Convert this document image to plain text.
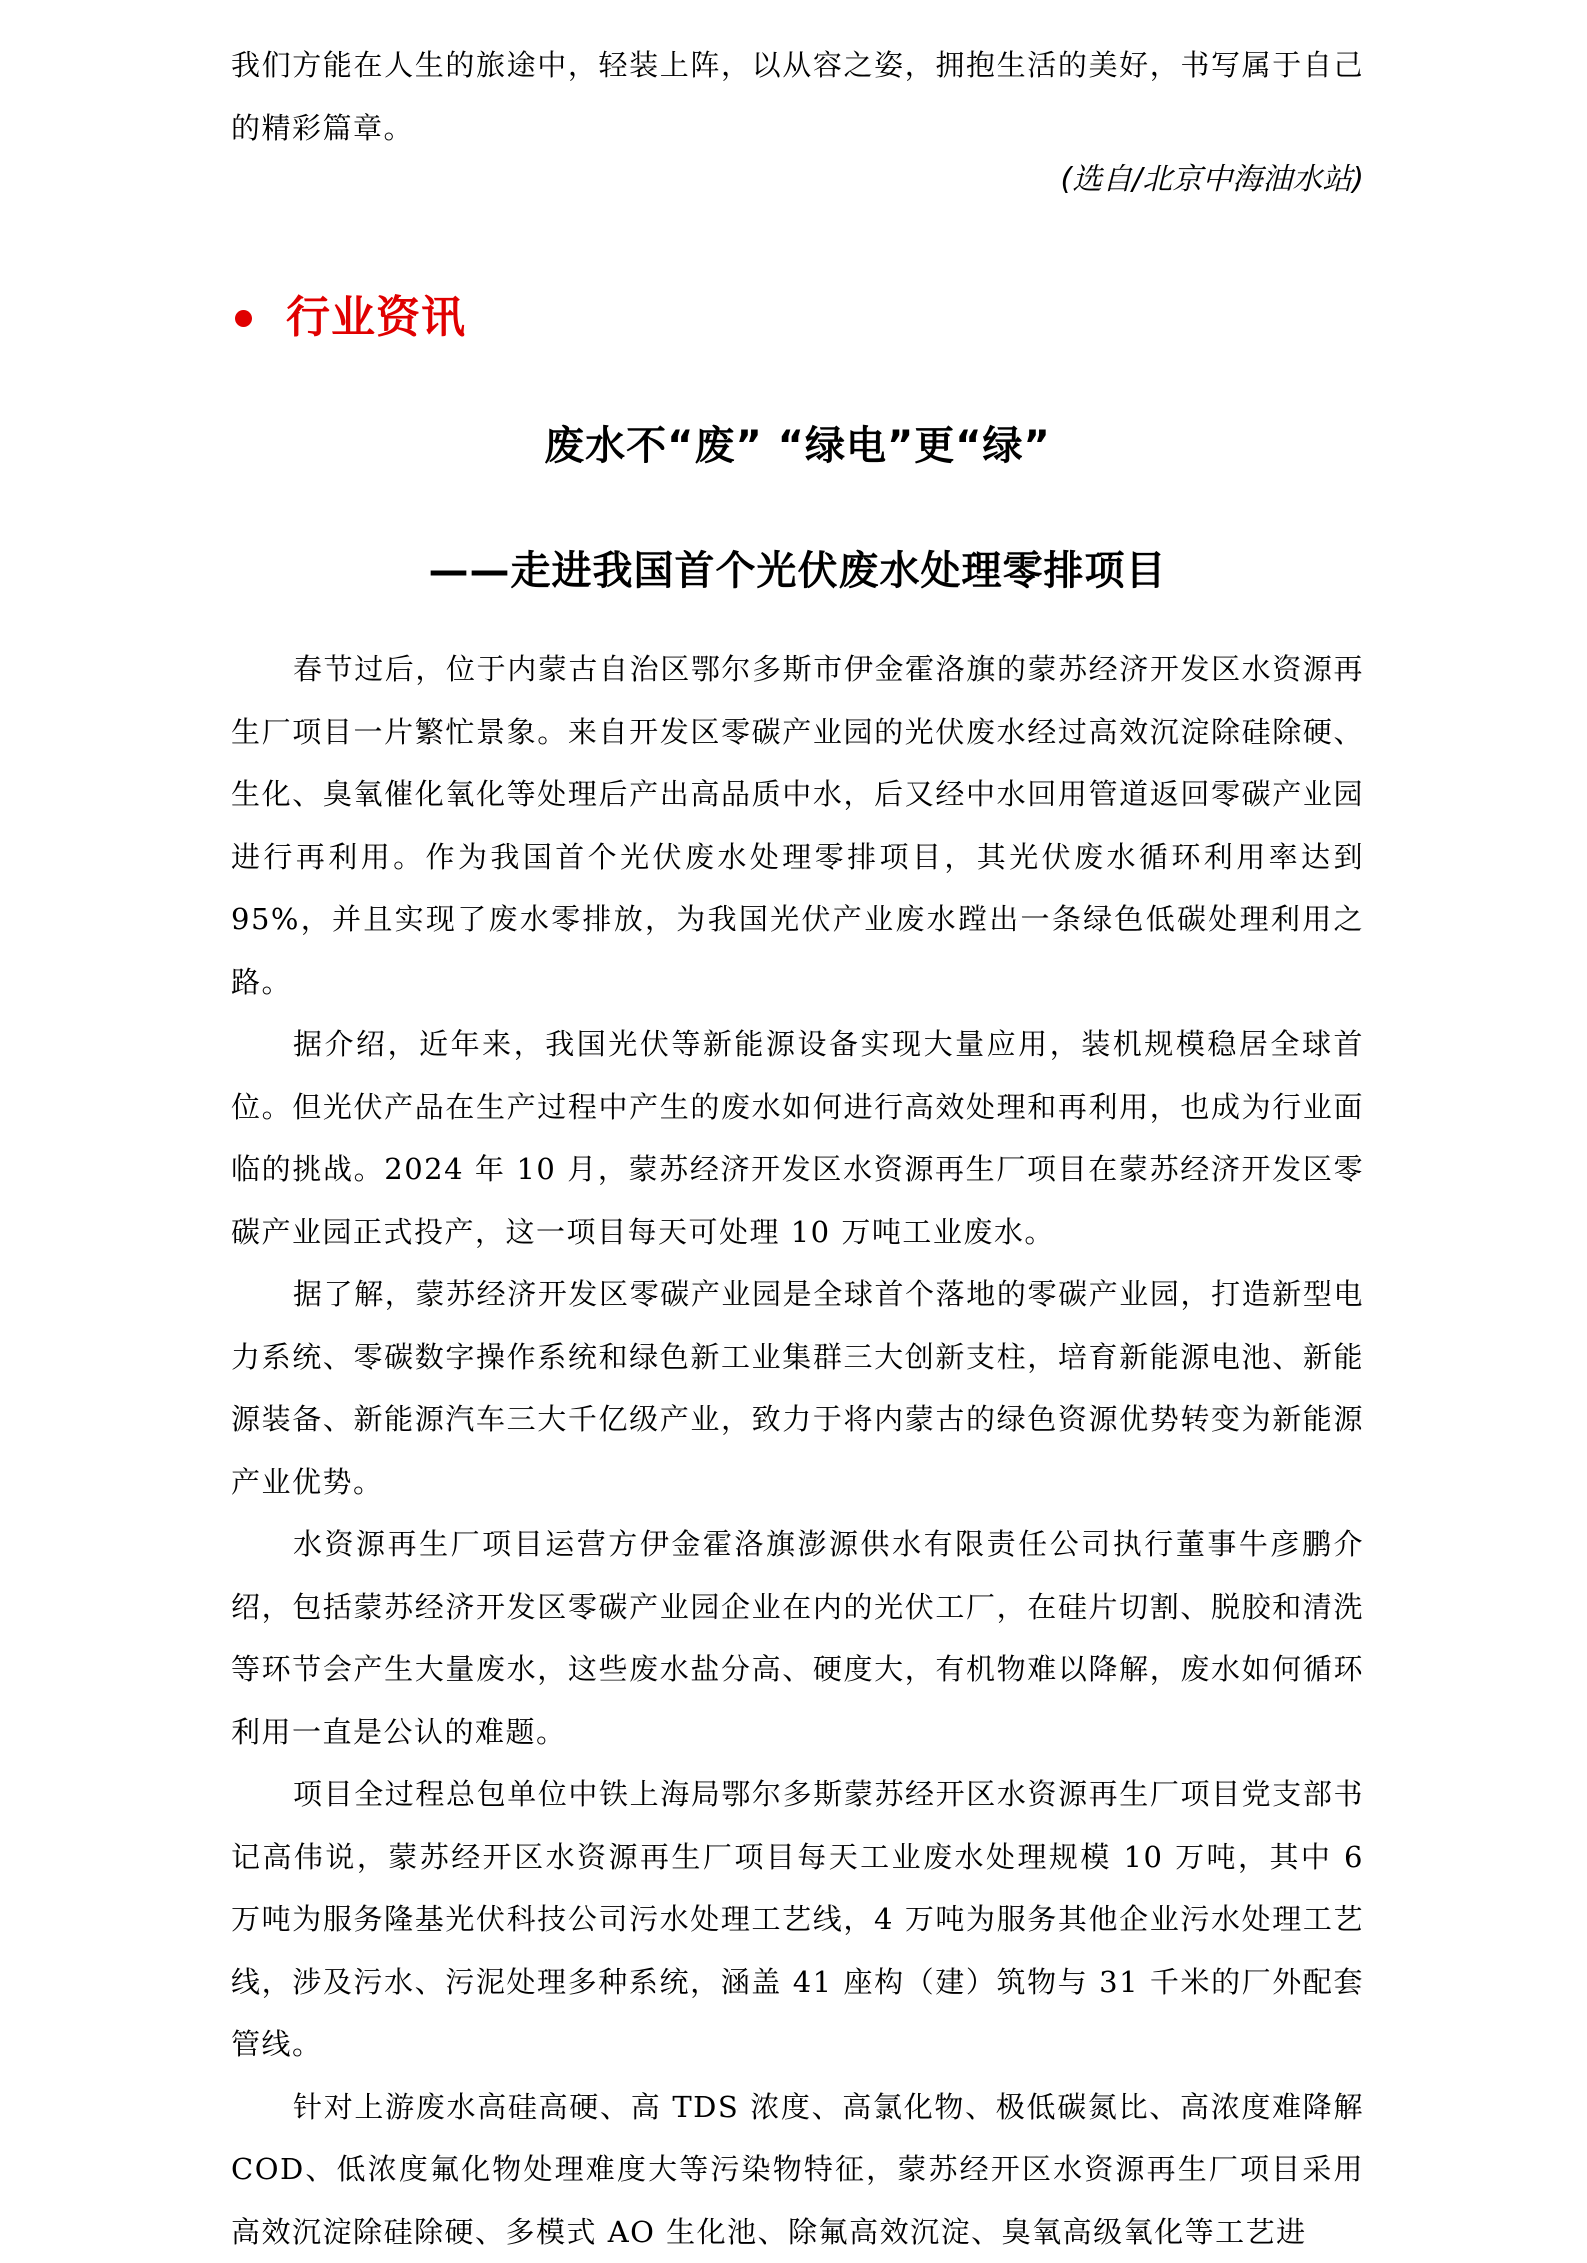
我们方能在人生的旅途中，轻装上阵，以从容之姿，拥抱生活的美好，书写属于自己的精彩篇章。

(选自/北京中海油水站)
行业资讯
废水不“废” “绿电”更“绿”
——走进我国首个光伏废水处理零排项目

春节过后，位于内蒙古自治区鄂尔多斯市伊金霍洛旗的蒙苏经济开发区水资源再生厂项目一片繁忙景象。来自开发区零碳产业园的光伏废水经过高效沉淀除硅除硬、生化、臭氧催化氧化等处理后产出高品质中水，后又经中水回用管道返回零碳产业园进行再利用。作为我国首个光伏废水处理零排项目，其光伏废水循环利用率达到95%，并且实现了废水零排放，为我国光伏产业废水蹚出一条绿色低碳处理利用之路。

据介绍，近年来，我国光伏等新能源设备实现大量应用，装机规模稳居全球首位。但光伏产品在生产过程中产生的废水如何进行高效处理和再利用，也成为行业面临的挑战。2024 年 10 月，蒙苏经济开发区水资源再生厂项目在蒙苏经济开发区零碳产业园正式投产，这一项目每天可处理 10 万吨工业废水。

据了解，蒙苏经济开发区零碳产业园是全球首个落地的零碳产业园，打造新型电力系统、零碳数字操作系统和绿色新工业集群三大创新支柱，培育新能源电池、新能源装备、新能源汽车三大千亿级产业，致力于将内蒙古的绿色资源优势转变为新能源产业优势。

水资源再生厂项目运营方伊金霍洛旗澎源供水有限责任公司执行董事牛彦鹏介绍，包括蒙苏经济开发区零碳产业园企业在内的光伏工厂，在硅片切割、脱胶和清洗等环节会产生大量废水，这些废水盐分高、硬度大，有机物难以降解，废水如何循环利用一直是公认的难题。

项目全过程总包单位中铁上海局鄂尔多斯蒙苏经开区水资源再生厂项目党支部书记高伟说，蒙苏经开区水资源再生厂项目每天工业废水处理规模 10 万吨，其中 6 万吨为服务隆基光伏科技公司污水处理工艺线，4 万吨为服务其他企业污水处理工艺线，涉及污水、污泥处理多种系统，涵盖 41 座构（建）筑物与 31 千米的厂外配套管线。

针对上游废水高硅高硬、高 TDS 浓度、高氯化物、极低碳氮比、高浓度难降解 COD、低浓度氟化物处理难度大等污染物特征，蒙苏经开区水资源再生厂项目采用高效沉淀除硅除硬、多模式 AO 生化池、除氟高效沉淀、臭氧高级氧化等工艺进
